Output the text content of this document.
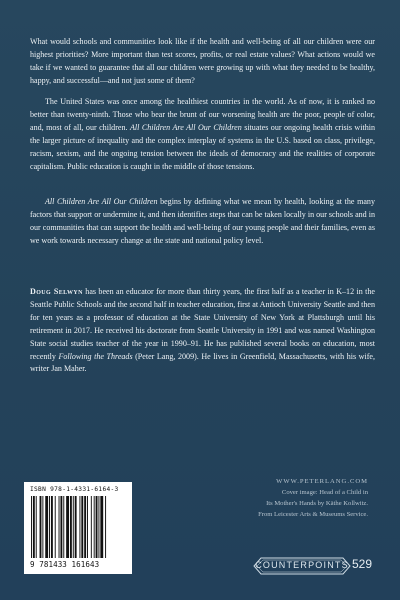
What would schools and communities look like if the health and well-being of all our children were our highest priorities? More important than test scores, profits, or real estate values? What actions would we take if we wanted to guarantee that all our children were growing up with what they needed to be healthy, happy, and successful—and not just some of them?

The United States was once among the healthiest countries in the world. As of now, it is ranked no better than twenty-ninth. Those who bear the brunt of our worsening health are the poor, people of color, and, most of all, our children. All Children Are All Our Children situates our ongoing health crisis within the larger picture of inequality and the complex interplay of systems in the U.S. based on class, privilege, racism, sexism, and the ongoing tension between the ideals of democracy and the realities of corporate capitalism. Public education is caught in the middle of those tensions.

All Children Are All Our Children begins by defining what we mean by health, looking at the many factors that support or undermine it, and then identifies steps that can be taken locally in our schools and in our communities that can support the health and well-being of our young people and their families, even as we work towards necessary change at the state and national policy level.

Doug Selwyn has been an educator for more than thirty years, the first half as a teacher in K–12 in the Seattle Public Schools and the second half in teacher education, first at Antioch University Seattle and then for ten years as a professor of education at the State University of New York at Plattsburgh until his retirement in 2017. He received his doctorate from Seattle University in 1991 and was named Washington State social studies teacher of the year in 1990–91. He has published several books on education, most recently Following the Threads (Peter Lang, 2009). He lives in Greenfield, Massachusetts, with his wife, writer Jan Maher.

ISBN 978-1-4331-6164-3
9 781433 161643
WWW.PETERLANG.COM
Cover image: Head of a Child in
Its Mother's Hands by Käthe Kollwitz.
From Leicester Arts & Museums Service.
COUNTERPOINTS 529
